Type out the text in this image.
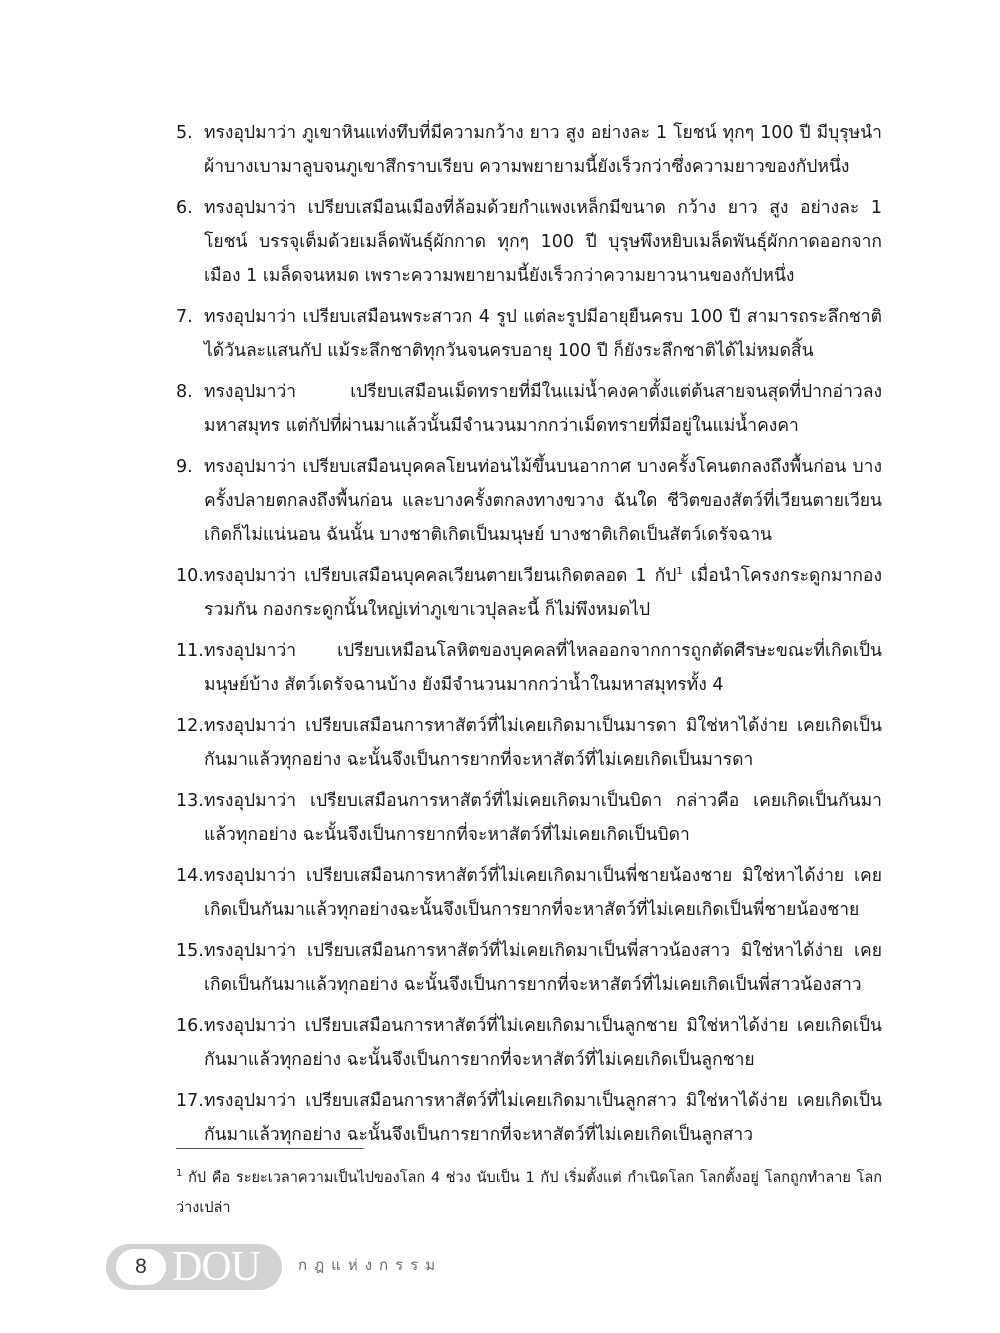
5. ทรงอุปมาว่า ภูเขาหินแท่งทึบที่มีความกว้าง ยาว สูง อย่างละ 1 โยชน์ ทุกๆ 100 ปี มีบุรุษนำผ้าบางเบามาลูบจนภูเขาสึกราบเรียบ ความพยายามนี้ยังเร็วกว่าซึ่งความยาวของกัปหนึ่ง
6. ทรงอุปมาว่า เปรียบเสมือนเมืองที่ล้อมด้วยกำแพงเหล็กมีขนาด กว้าง ยาว สูง อย่างละ 1 โยชน์ บรรจุเต็มด้วยเมล็ดพันธุ์ผักกาด ทุกๆ 100 ปี บุรุษพึงหยิบเมล็ดพันธุ์ผักกาดออกจากเมือง 1 เมล็ดจนหมด เพราะความพยายามนี้ยังเร็วกว่าความยาวนานของกัปหนึ่ง
7. ทรงอุปมาว่า เปรียบเสมือนพระสาวก 4 รูป แต่ละรูปมีอายุยืนครบ 100 ปี สามารถระลึกชาติได้วันละแสนกัป แม้ระลึกชาติทุกวันจนครบอายุ 100 ปี ก็ยังระลึกชาติได้ไม่หมดสิ้น
8. ทรงอุปมาว่า เปรียบเสมือนเม็ดทรายที่มีในแม่น้ำคงคาตั้งแต่ต้นสายจนสุดที่ปากอ่าวลงมหาสมุทร แต่กัปที่ผ่านมาแล้วนั้นมีจำนวนมากกว่าเม็ดทรายที่มีอยู่ในแม่น้ำคงคา
9. ทรงอุปมาว่า เปรียบเสมือนบุคคลโยนท่อนไม้ขึ้นบนอากาศ บางครั้งโคนตกลงถึงพื้นก่อน บางครั้งปลายตกลงถึงพื้นก่อน และบางครั้งตกลงทางขวาง ฉันใด ชีวิตของสัตว์ที่เวียนตายเวียนเกิดก็ไม่แน่นอน ฉันนั้น บางชาติเกิดเป็นมนุษย์ บางชาติเกิดเป็นสัตว์เดรัจฉาน
10. ทรงอุปมาว่า เปรียบเสมือนบุคคลเวียนตายเวียนเกิดตลอด 1 กัป$^1$ เมื่อนำโครงกระดูกมากองรวมกัน กองกระดูกนั้นใหญ่เท่าภูเขาเวปุลละนี้ ก็ไม่พึงหมดไป
11. ทรงอุปมาว่า เปรียบเหมือนโลหิตของบุคคลที่ไหลออกจากการถูกตัดศีรษะขณะที่เกิดเป็นมนุษย์บ้าง สัตว์เดรัจฉานบ้าง ยังมีจำนวนมากกว่าน้ำในมหาสมุทรทั้ง 4
12. ทรงอุปมาว่า เปรียบเสมือนการหาสัตว์ที่ไม่เคยเกิดมาเป็นมารดา มิใช่หาได้ง่าย เคยเกิดเป็นกันมาแล้วทุกอย่าง ฉะนั้นจึงเป็นการยากที่จะหาสัตว์ที่ไม่เคยเกิดเป็นมารดา
13. ทรงอุปมาว่า เปรียบเสมือนการหาสัตว์ที่ไม่เคยเกิดมาเป็นบิดา กล่าวคือ เคยเกิดเป็นกันมาแล้วทุกอย่าง ฉะนั้นจึงเป็นการยากที่จะหาสัตว์ที่ไม่เคยเกิดเป็นบิดา
14. ทรงอุปมาว่า เปรียบเสมือนการหาสัตว์ที่ไม่เคยเกิดมาเป็นพี่ชายน้องชาย มิใช่หาได้ง่าย เคยเกิดเป็นกันมาแล้วทุกอย่างฉะนั้นจึงเป็นการยากที่จะหาสัตว์ที่ไม่เคยเกิดเป็นพี่ชายน้องชาย
15. ทรงอุปมาว่า เปรียบเสมือนการหาสัตว์ที่ไม่เคยเกิดมาเป็นพี่สาวน้องสาว มิใช่หาได้ง่าย เคยเกิดเป็นกันมาแล้วทุกอย่าง ฉะนั้นจึงเป็นการยากที่จะหาสัตว์ที่ไม่เคยเกิดเป็นพี่สาวน้องสาว
16. ทรงอุปมาว่า เปรียบเสมือนการหาสัตว์ที่ไม่เคยเกิดมาเป็นลูกชาย มิใช่หาได้ง่าย เคยเกิดเป็นกันมาแล้วทุกอย่าง ฉะนั้นจึงเป็นการยากที่จะหาสัตว์ที่ไม่เคยเกิดเป็นลูกชาย
17. ทรงอุปมาว่า เปรียบเสมือนการหาสัตว์ที่ไม่เคยเกิดมาเป็นลูกสาว มิใช่หาได้ง่าย เคยเกิดเป็นกันมาแล้วทุกอย่าง ฉะนั้นจึงเป็นการยากที่จะหาสัตว์ที่ไม่เคยเกิดเป็นลูกสาว
$^1$ กัป คือ ระยะเวลาความเป็นไปของโลก 4 ช่วง นับเป็น 1 กัป เริ่มตั้งแต่ กำเนิดโลก โลกตั้งอยู่ โลกถูกทำลาย โลกว่างเปล่า
8 DOU	กฎแห่งกรรม
